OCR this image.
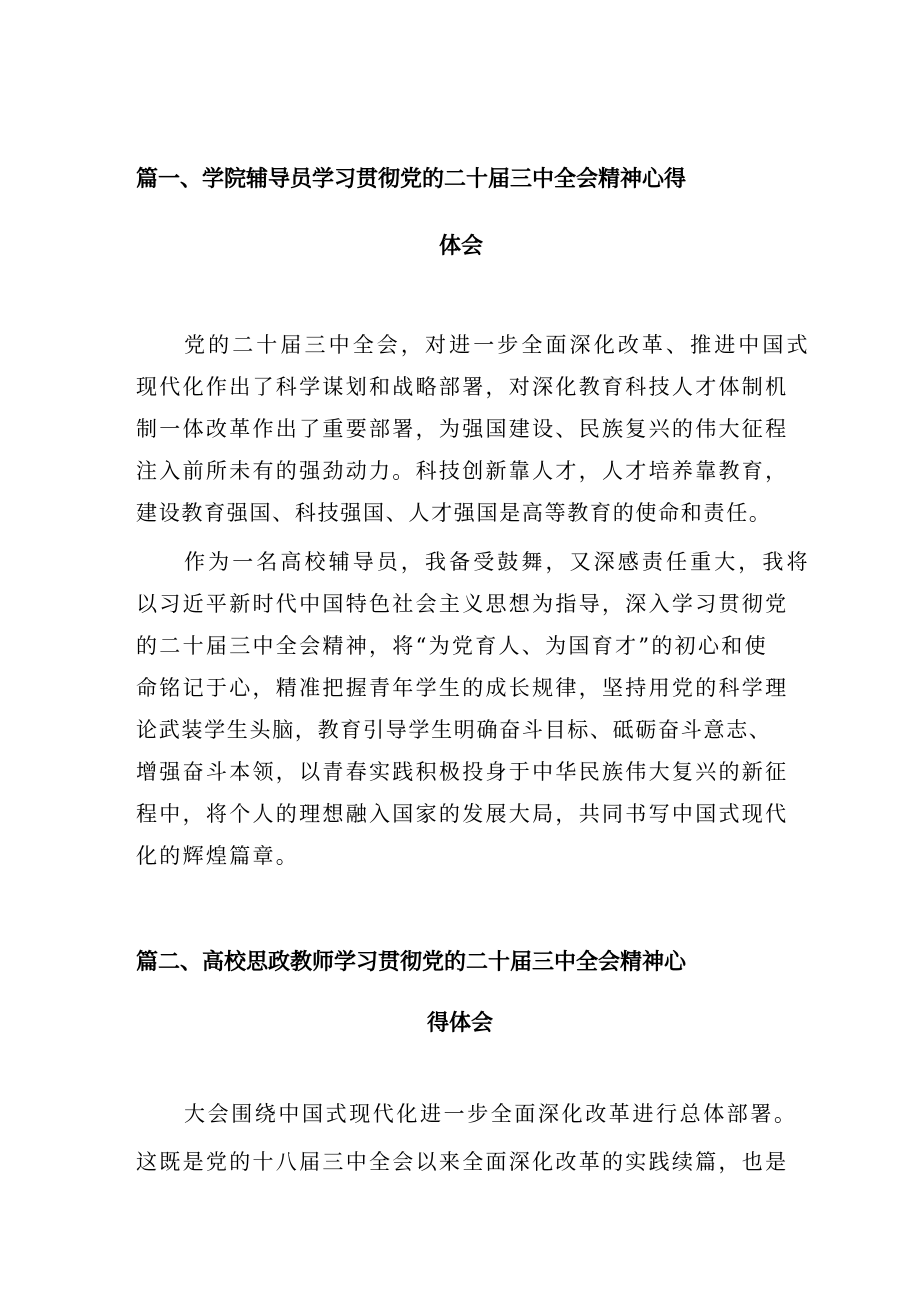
篇一、学院辅导员学习贯彻党的二十届三中全会精神心得
体会
党的二十届三中全会，对进一步全面深化改革、推进中国式
现代化作出了科学谋划和战略部署，对深化教育科技人才体制机
制一体改革作出了重要部署，为强国建设、民族复兴的伟大征程
注入前所未有的强劲动力。科技创新靠人才，人才培养靠教育，
建设教育强国、科技强国、人才强国是高等教育的使命和责任。
作为一名高校辅导员，我备受鼓舞，又深感责任重大，我将
以习近平新时代中国特色社会主义思想为指导，深入学习贯彻党
的二十届三中全会精神，将“为党育人、为国育才”的初心和使
命铭记于心，精准把握青年学生的成长规律，坚持用党的科学理
论武装学生头脑，教育引导学生明确奋斗目标、砥砺奋斗意志、
增强奋斗本领，以青春实践积极投身于中华民族伟大复兴的新征
程中，将个人的理想融入国家的发展大局，共同书写中国式现代
化的辉煌篇章。
篇二、高校思政教师学习贯彻党的二十届三中全会精神心
得体会
大会围绕中国式现代化进一步全面深化改革进行总体部署。
这既是党的十八届三中全会以来全面深化改革的实践续篇，也是
